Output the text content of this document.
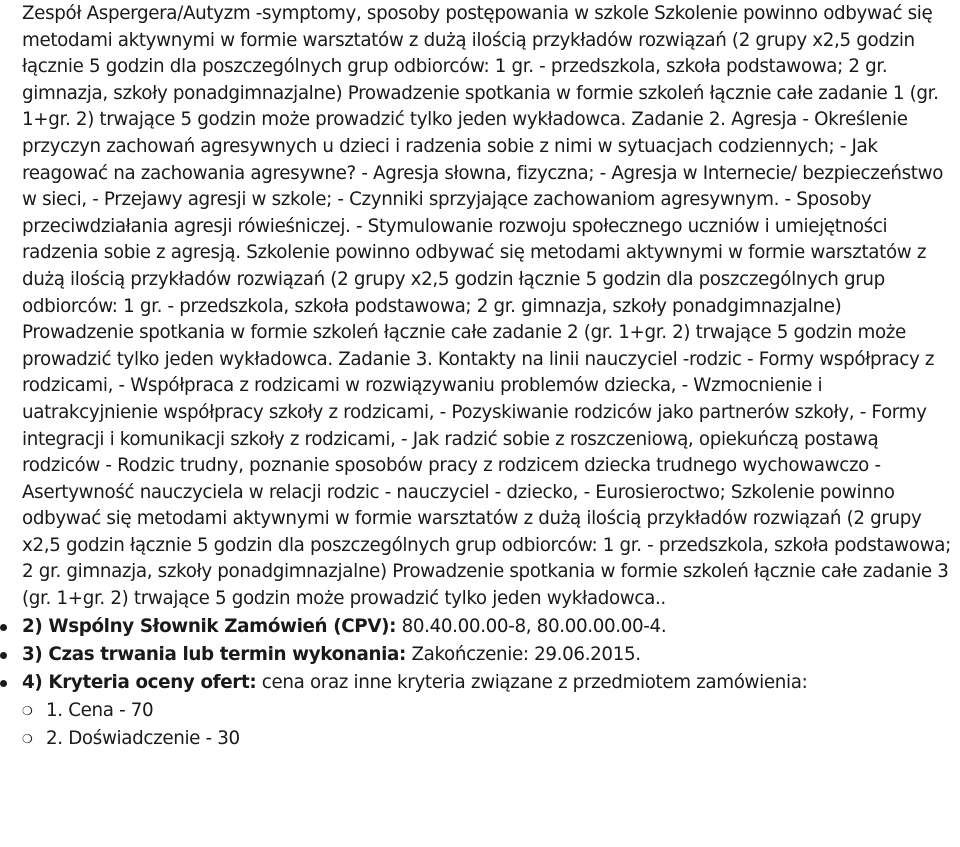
Zespół Aspergera/Autyzm -symptomy, sposoby postępowania w szkole Szkolenie powinno odbywać się metodami aktywnymi w formie warsztatów z dużą ilością przykładów rozwiązań (2 grupy x2,5 godzin łącznie 5 godzin dla poszczególnych grup odbiorców: 1 gr. - przedszkola, szkoła podstawowa; 2 gr. gimnazja, szkoły ponadgimnazjalne) Prowadzenie spotkania w formie szkoleń łącznie całe zadanie 1 (gr. 1+gr. 2) trwające 5 godzin może prowadzić tylko jeden wykładowca. Zadanie 2. Agresja - Określenie przyczyn zachowań agresywnych u dzieci i radzenia sobie z nimi w sytuacjach codziennych; - Jak reagować na zachowania agresywne? - Agresja słowna, fizyczna; - Agresja w Internecie/ bezpieczeństwo w sieci, - Przejawy agresji w szkole; - Czynniki sprzyjające zachowaniom agresywnym. - Sposoby przeciwdziałania agresji rówieśniczej. - Stymulowanie rozwoju społecznego uczniów i umiejętności radzenia sobie z agresją. Szkolenie powinno odbywać się metodami aktywnymi w formie warsztatów z dużą ilością przykładów rozwiązań (2 grupy x2,5 godzin łącznie 5 godzin dla poszczególnych grup odbiorców: 1 gr. - przedszkola, szkoła podstawowa; 2 gr. gimnazja, szkoły ponadgimnazjalne) Prowadzenie spotkania w formie szkoleń łącznie całe zadanie 2 (gr. 1+gr. 2) trwające 5 godzin może prowadzić tylko jeden wykładowca. Zadanie 3. Kontakty na linii nauczyciel -rodzic - Formy współpracy z rodzicami, - Współpraca z rodzicami w rozwiązywaniu problemów dziecka, - Wzmocnienie i uatrakcyjnienie współpracy szkoły z rodzicami, - Pozyskiwanie rodziców jako partnerów szkoły, - Formy integracji i komunikacji szkoły z rodzicami, - Jak radzić sobie z roszczeniową, opiekuńczą postawą rodziców - Rodzic trudny, poznanie sposobów pracy z rodzicem dziecka trudnego wychowawczo - Asertywność nauczyciela w relacji rodzic - nauczyciel - dziecko, - Eurosieroctwo; Szkolenie powinno odbywać się metodami aktywnymi w formie warsztatów z dużą ilością przykładów rozwiązań (2 grupy x2,5 godzin łącznie 5 godzin dla poszczególnych grup odbiorców: 1 gr. - przedszkola, szkoła podstawowa; 2 gr. gimnazja, szkoły ponadgimnazjalne) Prowadzenie spotkania w formie szkoleń łącznie całe zadanie 3 (gr. 1+gr. 2) trwające 5 godzin może prowadzić tylko jeden wykładowca..

2) Wspólny Słownik Zamówień (CPV): 80.40.00.00-8, 80.00.00.00-4.
3) Czas trwania lub termin wykonania: Zakończenie: 29.06.2015.
4) Kryteria oceny ofert: cena oraz inne kryteria związane z przedmiotem zamówienia:
❍ 1. Cena - 70
❍ 2. Doświadczenie - 30
